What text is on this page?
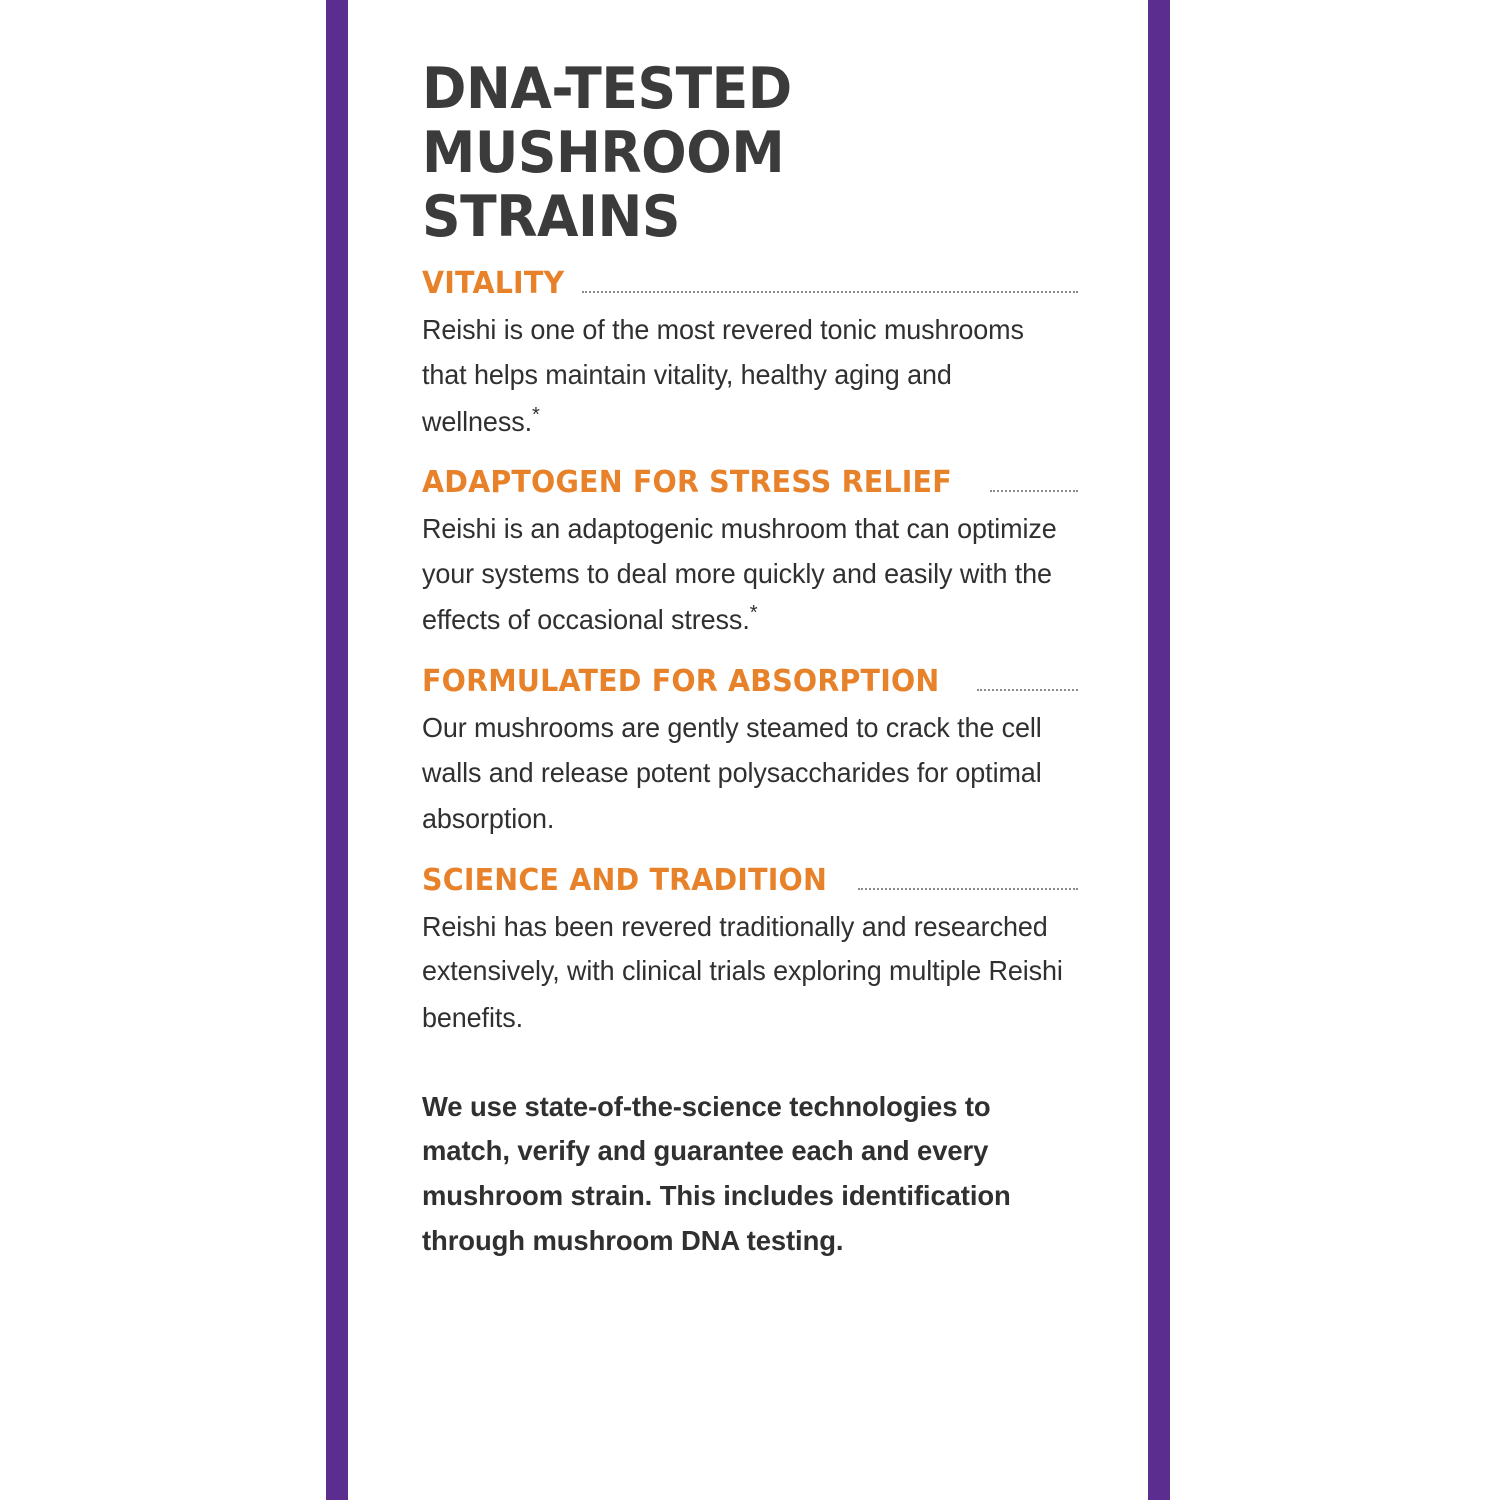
DNA-TESTED
MUSHROOM STRAINS
VITALITY

Reishi is one of the most revered tonic mushrooms that helps maintain vitality, healthy aging and wellness.*

ADAPTOGEN FOR STRESS RELIEF

Reishi is an adaptogenic mushroom that can optimize your systems to deal more quickly and easily with the effects of occasional stress.*

FORMULATED FOR ABSORPTION

Our mushrooms are gently steamed to crack the cell walls and release potent polysaccharides for optimal absorption.

SCIENCE AND TRADITION

Reishi has been revered traditionally and researched extensively, with clinical trials exploring multiple Reishi benefits.

We use state-of-the-science technologies to match, verify and guarantee each and every mushroom strain. This includes identification through mushroom DNA testing.
